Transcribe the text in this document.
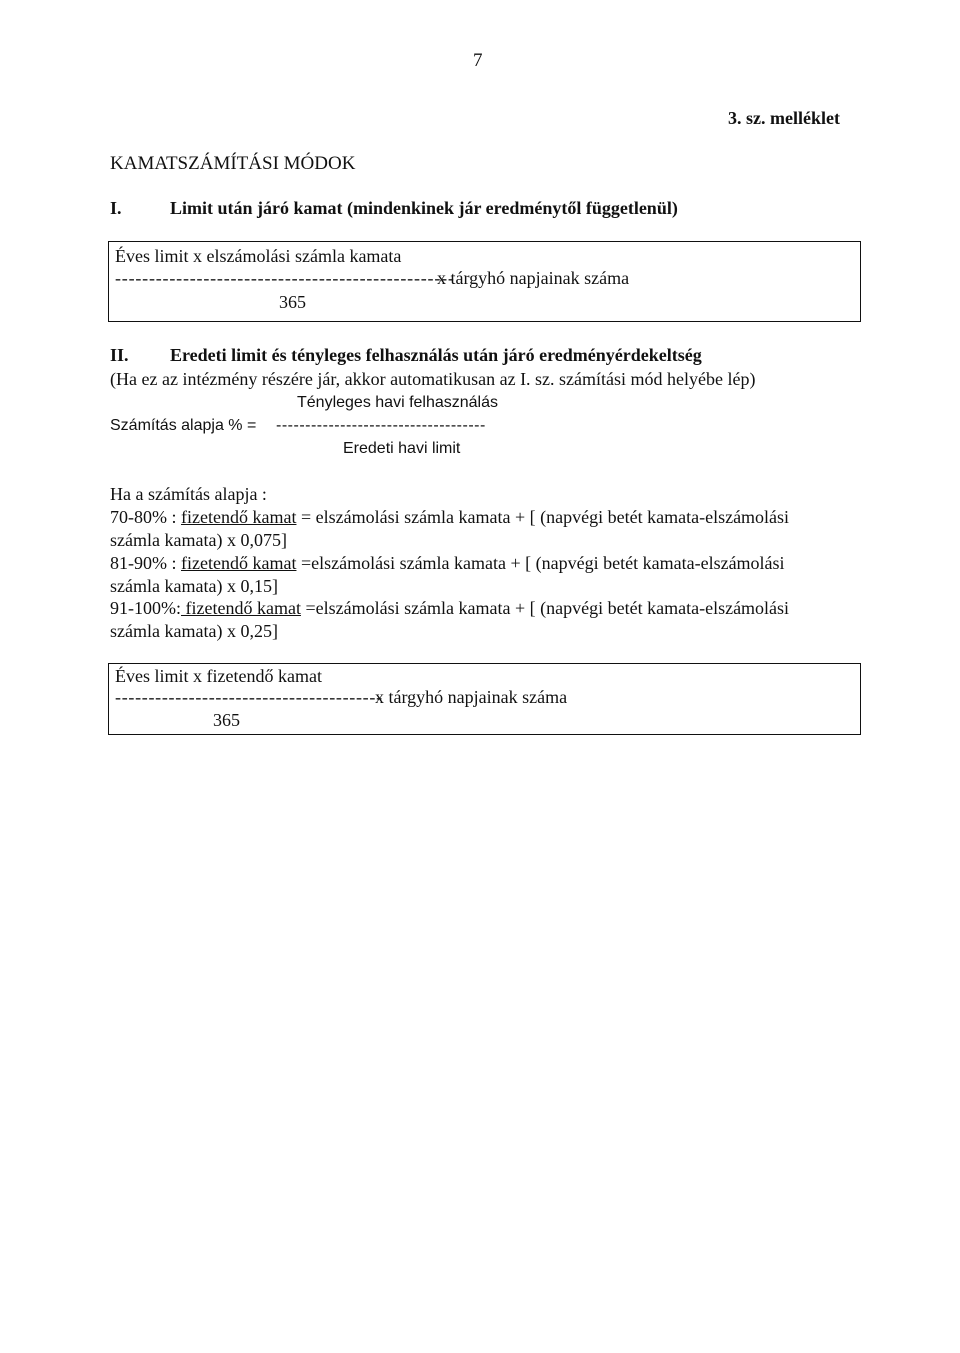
7
3. sz. melléklet
KAMATSZÁMÍTÁSI MÓDOK
I.	Limit után járó kamat (mindenkinek jár eredménytől függetlenül)
Éves limit x elszámolási számla kamata
--------------------------------------------------
x tárgyhó napjainak száma
365
II. Eredeti limit és tényleges felhasználás után járó eredményérdekeltség
(Ha ez az intézmény részére jár, akkor automatikusan az I. sz. számítási mód helyébe lép)
Tényleges havi felhasználás
Számítás alapja % = ------------------------------------
Eredeti havi limit
Ha a számítás alapja :
70-80% : fizetendő kamat = elszámolási számla kamata + [ (napvégi betét kamata-elszámolási
számla kamata) x 0,075]
81-90% : fizetendő kamat =elszámolási számla kamata + [ (napvégi betét kamata-elszámolási
számla kamata) x 0,15]
91-100%: fizetendő kamat =elszámolási számla kamata + [ (napvégi betét kamata-elszámolási
számla kamata) x 0,25]
Éves limit x fizetendő kamat
----------------------------------------
x tárgyhó napjainak száma
365
